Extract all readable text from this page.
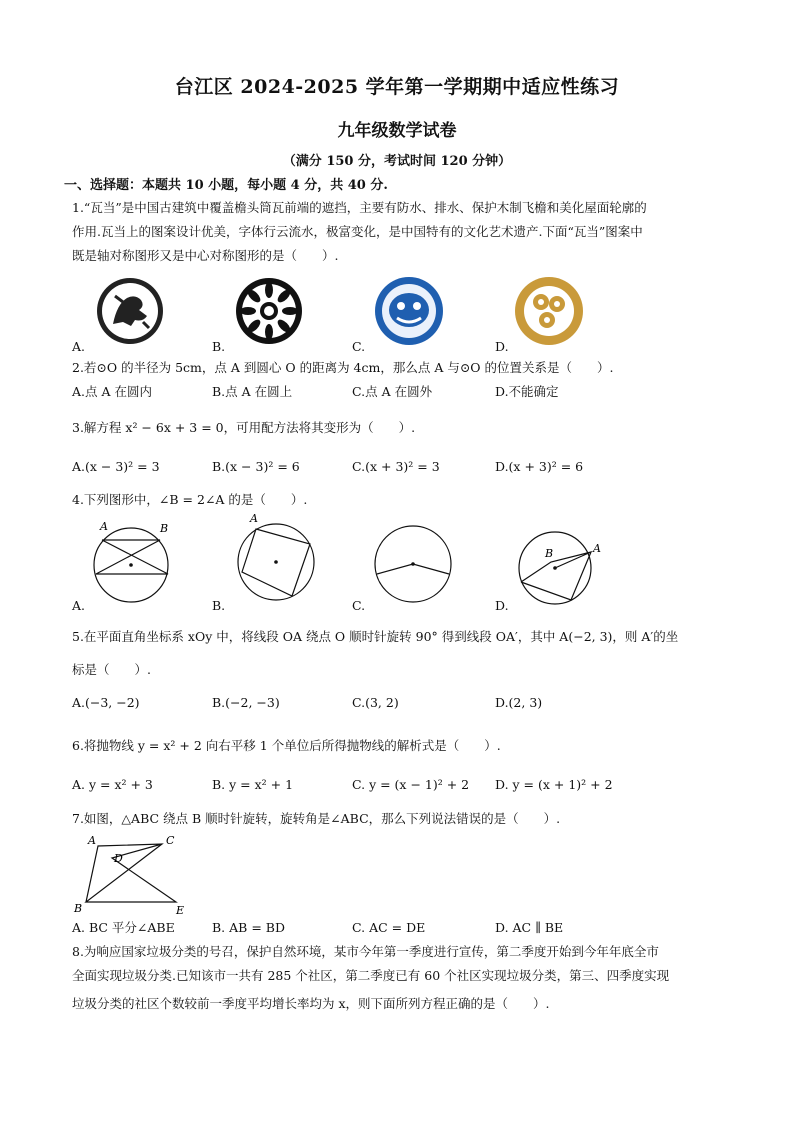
台江区 2024-2025 学年第一学期期中适应性练习
九年级数学试卷
（满分 150 分，考试时间 120 分钟）
一、选择题：本题共 10 小题，每小题 4 分，共 40 分.
1.“瓦当”是中国古建筑中覆盖檐头筒瓦前端的遮挡，主要有防水、排水、保护木制飞檐和美化屋面轮廓的
作用.瓦当上的图案设计优美，字体行云流水，极富变化，是中国特有的文化艺术遗产.下面“瓦当”图案中
既是轴对称图形又是中心对称图形的是（　　）.
A.	B.	C.	D.
2.若⊙O 的半径为 5cm，点 A 到圆心 O 的距离为 4cm，那么点 A 与⊙O 的位置关系是（　　）.
A.点 A 在圆内	B.点 A 在圆上	C.点 A 在圆外	D.不能确定
3.解方程 x² − 6x + 3 = 0，可用配方法将其变形为（　　）.
A.(x − 3)² = 3	B.(x − 3)² = 6	C.(x + 3)² = 3	D.(x + 3)² = 6
4.下列图形中，∠B = 2∠A 的是（　　）.
A	B
A
B	A
A.	B.	C.	D.
5.在平面直角坐标系 xOy 中，将线段 OA 绕点 O 顺时针旋转 90° 得到线段 OA′，其中 A(−2, 3)，则 A′的坐
标是（　　）.
A.(−3, −2)	B.(−2, −3)	C.(3, 2)	D.(2, 3)
6.将抛物线 y = x² + 2 向右平移 1 个单位后所得抛物线的解析式是（　　）.
A. y = x² + 3	B. y = x² + 1	C. y = (x − 1)² + 2 D. y = (x + 1)² + 2
7.如图，△ABC 绕点 B 顺时针旋转，旋转角是∠ABC，那么下列说法错误的是（　　）.
A	C
D
B	E
A. BC 平分∠ABE	B. AB = BD	C. AC = DE	D. AC ∥ BE
8.为响应国家垃圾分类的号召，保护自然环境，某市今年第一季度进行宣传，第二季度开始到今年年底全市
全面实现垃圾分类.已知该市一共有 285 个社区，第二季度已有 60 个社区实现垃圾分类，第三、四季度实现
垃圾分类的社区个数较前一季度平均增长率均为 x，则下面所列方程正确的是（　　）.
